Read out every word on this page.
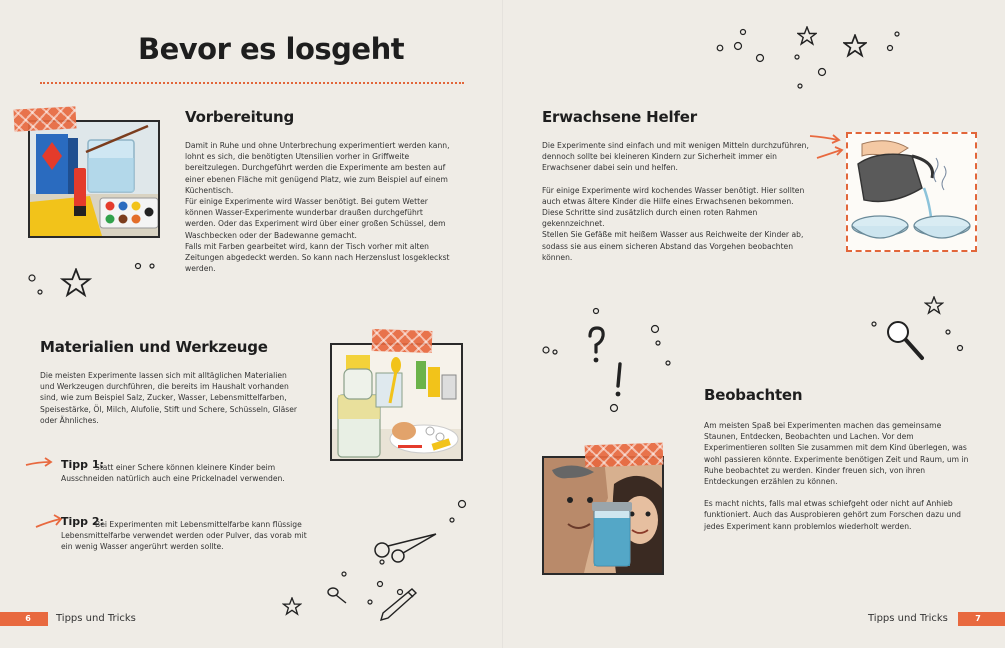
Bevor es losgeht
Vorbereitung

Damit in Ruhe und ohne Unterbrechung experimentiert werden kann, lohnt es sich, die benötigten Utensilien vorher in Griffweite bereitzulegen. Durchgeführt werden die Experimente am besten auf einer ebenen Fläche mit genügend Platz, wie zum Beispiel auf einem Küchentisch.

Für einige Experimente wird Wasser benötigt. Bei gutem Wetter können Wasser-Experimente wunderbar draußen durchgeführt werden. Oder das Experiment wird über einer großen Schüssel, dem Waschbecken oder der Badewanne gemacht.

Falls mit Farben gearbeitet wird, kann der Tisch vorher mit alten Zeitungen abgedeckt werden. So kann nach Herzenslust losgekleckst werden.

Materialien und Werkzeuge

Die meisten Experimente lassen sich mit alltäglichen Materialien und Werkzeugen durchführen, die bereits im Haushalt vorhanden sind, wie zum Beispiel Salz, Zucker, Wasser, Lebensmittelfarben, Speisestärke, Öl, Milch, Alufolie, Stift und Schere, Schüsseln, Gläser oder Ähnliches.

Tipp 1:
Statt einer Schere können kleinere Kinder beim Ausschneiden natürlich auch eine Prickelnadel verwenden.
Tipp 2:
Bei Experimenten mit Lebensmittelfarbe kann flüssige Lebensmittelfarbe verwendet werden oder Pulver, das vorab mit ein wenig Wasser angerührt werden sollte.
Erwachsene Helfer

Die Experimente sind einfach und mit wenigen Mitteln durchzuführen, dennoch sollte bei kleineren Kindern zur Sicherheit immer ein Erwachsener dabei sein und helfen.

Für einige Experimente wird kochendes Wasser benötigt. Hier sollten auch etwas ältere Kinder die Hilfe eines Erwachsenen bekommen. Diese Schritte sind zusätzlich durch einen roten Rahmen gekennzeichnet.

Stellen Sie Gefäße mit heißem Wasser aus Reichweite der Kinder ab, sodass sie aus einem sicheren Abstand das Vorgehen beobachten können.

Beobachten

Am meisten Spaß bei Experimenten machen das gemeinsame Staunen, Entdecken, Beobachten und Lachen. Vor dem Experimentieren sollten Sie zusammen mit dem Kind überlegen, was wohl passieren könnte. Experimente benötigen Zeit und Raum, um in Ruhe beobachtet zu werden. Kinder freuen sich, von ihren Entdeckungen erzählen zu können.

Es macht nichts, falls mal etwas schiefgeht oder nicht auf Anhieb funktioniert. Auch das Ausprobieren gehört zum Forschen dazu und jedes Experiment kann problemlos wiederholt werden.

6	Tipps und Tricks	7
Tipps und Tricks
